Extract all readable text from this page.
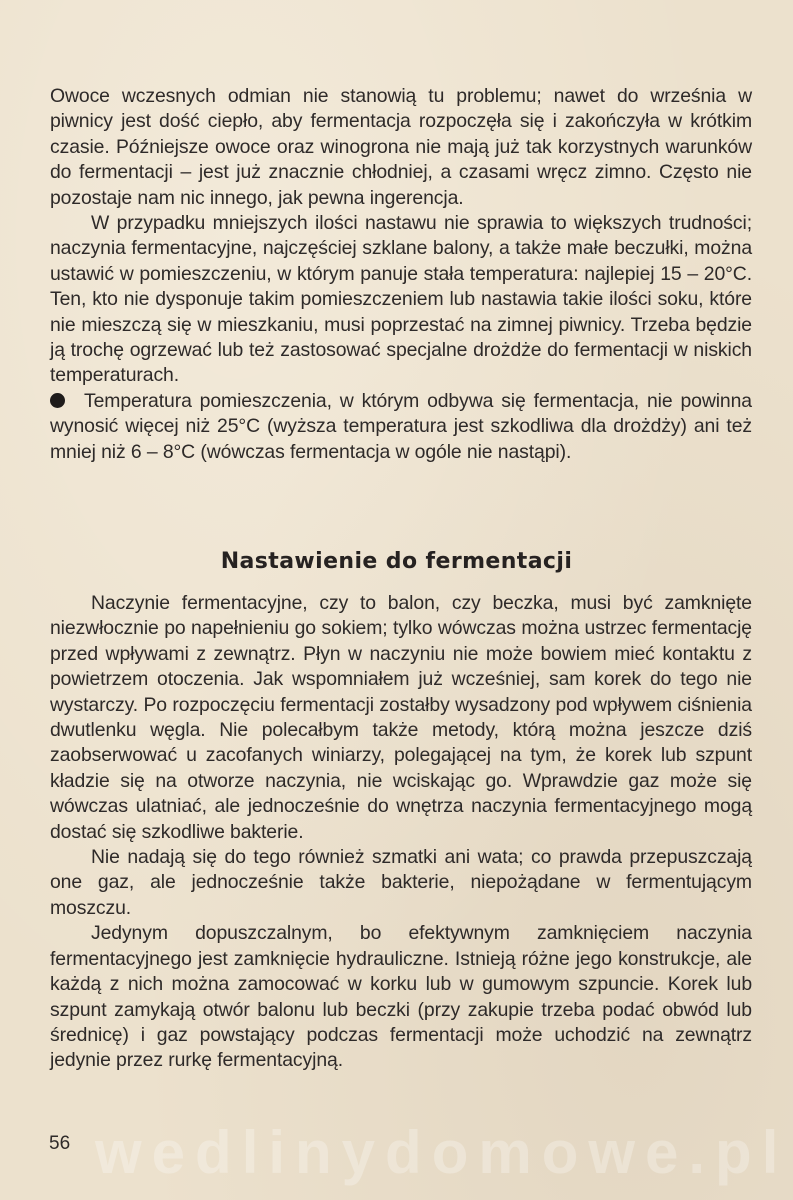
Owoce wczesnych odmian nie stanowią tu problemu; nawet do września w piwnicy jest dość ciepło, aby fermentacja rozpoczęła się i zakończyła w krótkim czasie. Późniejsze owoce oraz winogrona nie mają już tak korzystnych warunków do fermentacji – jest już znacznie chłodniej, a czasami wręcz zimno. Często nie pozostaje nam nic innego, jak pewna ingerencja.

W przypadku mniejszych ilości nastawu nie sprawia to większych trudności; naczynia fermentacyjne, najczęściej szklane balony, a także małe beczułki, można ustawić w pomieszczeniu, w którym panuje stała temperatura: najlepiej 15 – 20°C. Ten, kto nie dysponuje takim pomieszczeniem lub nastawia takie ilości soku, które nie mieszczą się w mieszkaniu, musi poprzestać na zimnej piwnicy. Trzeba będzie ją trochę ogrzewać lub też zastosować specjalne drożdże do fermentacji w niskich temperaturach.

Temperatura pomieszczenia, w którym odbywa się fermentacja, nie powinna wynosić więcej niż 25°C (wyższa temperatura jest szkodliwa dla drożdży) ani też mniej niż 6 – 8°C (wówczas fermentacja w ogóle nie nastąpi).

Nastawienie do fermentacji

Naczynie fermentacyjne, czy to balon, czy beczka, musi być zamknięte niezwłocznie po napełnieniu go sokiem; tylko wówczas można ustrzec fermentację przed wpływami z zewnątrz. Płyn w naczyniu nie może bowiem mieć kontaktu z powietrzem otoczenia. Jak wspomniałem już wcześniej, sam korek do tego nie wystarczy. Po rozpoczęciu fermentacji zostałby wysadzony pod wpływem ciśnienia dwutlenku węgla. Nie polecałbym także metody, którą można jeszcze dziś zaobserwować u zacofanych winiarzy, polegającej na tym, że korek lub szpunt kładzie się na otworze naczynia, nie wciskając go. Wprawdzie gaz może się wówczas ulatniać, ale jednocześnie do wnętrza naczynia fermentacyjnego mogą dostać się szkodliwe bakterie.

Nie nadają się do tego również szmatki ani wata; co prawda przepuszczają one gaz, ale jednocześnie także bakterie, niepożądane w fermentującym moszczu.

Jedynym dopuszczalnym, bo efektywnym zamknięciem naczynia fermentacyjnego jest zamknięcie hydrauliczne. Istnieją różne jego konstrukcje, ale każdą z nich można zamocować w korku lub w gumowym szpuncie. Korek lub szpunt zamykają otwór balonu lub beczki (przy zakupie trzeba podać obwód lub średnicę) i gaz powstający podczas fermentacji może uchodzić na zewnątrz jedynie przez rurkę fermentacyjną.

wedlinydomowe.pl
56
